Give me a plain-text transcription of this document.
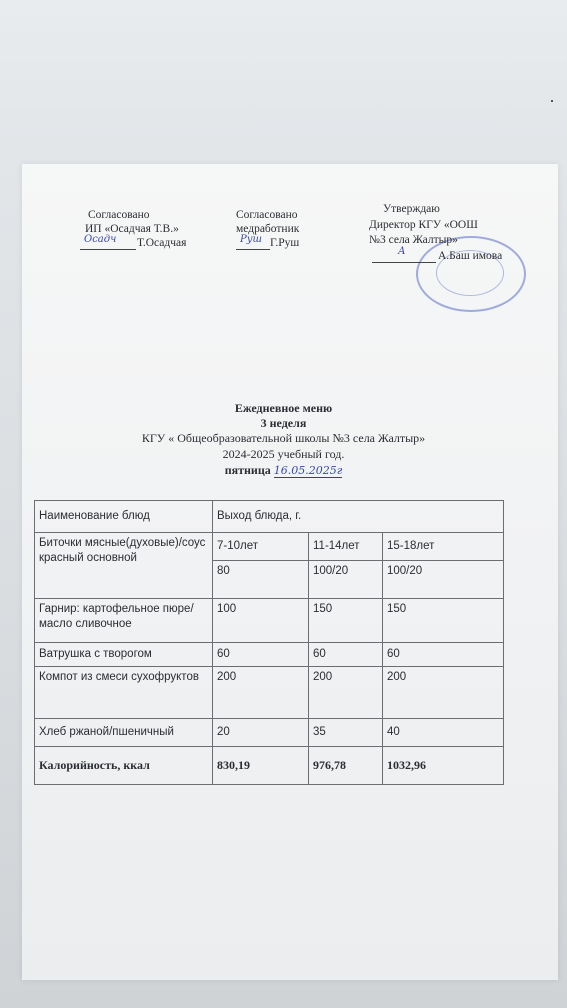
Согласовано
ИП «Осадчая Т.В.»
Осадч Т.Осадчая
Согласовано
медработник
Руш Г.Руш
Утверждаю
Директор КГУ «ООШ
№3 села Жалтыр»
А	А.Баш имова
Ежедневное меню
3 неделя
КГУ « Общеобразовательной школы №3 села Жалтыр»
2024-2025 учебный год.
пятница 16.05.2025г
Наименование блюд	Выход блюда, г.		
Биточки мясные(духовые)/соус красный основной	7-10лет	11-14лет	15-18лет
	80	100/20	100/20
Гарнир: картофельное пюре/масло сливочное	100	150	150
Ватрушка с творогом	60	60	60
Компот из смеси сухофруктов	200	200	200
Хлеб ржаной/пшеничный	20	35	40
Калорийность, ккал	830,19	976,78	1032,96
